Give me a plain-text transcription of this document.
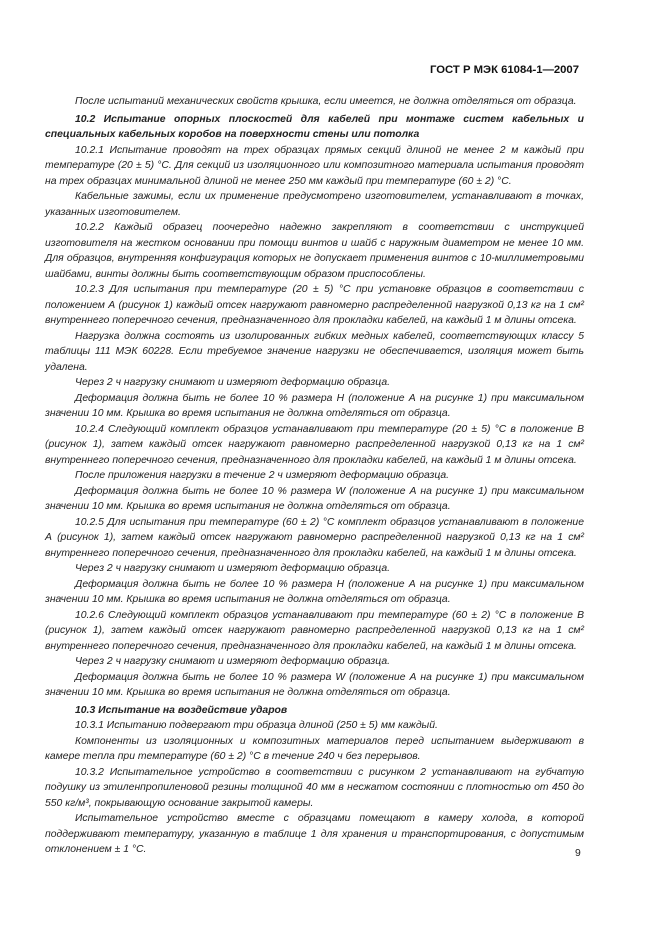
ГОСТ Р МЭК 61084-1—2007

После испытаний механических свойств крышка, если имеется, не должна отделяться от образца.

10.2 Испытание опорных плоскостей для кабелей при монтаже систем кабельных и специальных кабельных коробов на поверхности стены или потолка

10.2.1 Испытание проводят на трех образцах прямых секций длиной не менее 2 м каждый при температуре (20 ± 5) °С. Для секций из изоляционного или композитного материала испытания проводят на трех образцах минимальной длиной не менее 250 мм каждый при температуре (60 ± 2) °С.

Кабельные зажимы, если их применение предусмотрено изготовителем, устанавливают в точках, указанных изготовителем.

10.2.2 Каждый образец поочередно надежно закрепляют в соответствии с инструкцией изготовителя на жестком основании при помощи винтов и шайб с наружным диаметром не менее 10 мм. Для образцов, внутренняя конфигурация которых не допускает применения винтов с 10-миллиметровыми шайбами, винты должны быть соответствующим образом приспособлены.

10.2.3 Для испытания при температуре (20 ± 5) °С при установке образцов в соответствии с положением А (рисунок 1) каждый отсек нагружают равномерно распределенной нагрузкой 0,13 кг на 1 см² внутреннего поперечного сечения, предназначенного для прокладки кабелей, на каждый 1 м длины отсека.

Нагрузка должна состоять из изолированных гибких медных кабелей, соответствующих классу 5 таблицы 111 МЭК 60228. Если требуемое значение нагрузки не обеспечивается, изоляция может быть удалена.

Через 2 ч нагрузку снимают и измеряют деформацию образца.

Деформация должна быть не более 10 % размера Н (положение А на рисунке 1) при максимальном значении 10 мм. Крышка во время испытания не должна отделяться от образца.

10.2.4 Следующий комплект образцов устанавливают при температуре (20 ± 5) °С в положение В (рисунок 1), затем каждый отсек нагружают равномерно распределенной нагрузкой 0,13 кг на 1 см² внутреннего поперечного сечения, предназначенного для прокладки кабелей, на каждый 1 м длины отсека.

После приложения нагрузки в течение 2 ч измеряют деформацию образца.

Деформация должна быть не более 10 % размера W (положение А на рисунке 1) при максимальном значении 10 мм. Крышка во время испытания не должна отделяться от образца.

10.2.5 Для испытания при температуре (60 ± 2) °С комплект образцов устанавливают в положение А (рисунок 1), затем каждый отсек нагружают равномерно распределенной нагрузкой 0,13 кг на 1 см² внутреннего поперечного сечения, предназначенного для прокладки кабелей, на каждый 1 м длины отсека.

Через 2 ч нагрузку снимают и измеряют деформацию образца.

Деформация должна быть не более 10 % размера Н (положение А на рисунке 1) при максимальном значении 10 мм. Крышка во время испытания не должна отделяться от образца.

10.2.6 Следующий комплект образцов устанавливают при температуре (60 ± 2) °С в положение В (рисунок 1), затем каждый отсек нагружают равномерно распределенной нагрузкой 0,13 кг на 1 см² внутреннего поперечного сечения, предназначенного для прокладки кабелей, на каждый 1 м длины отсека.

Через 2 ч нагрузку снимают и измеряют деформацию образца.

Деформация должна быть не более 10 % размера W (положение А на рисунке 1) при максимальном значении 10 мм. Крышка во время испытания не должна отделяться от образца.

10.3 Испытание на воздействие ударов

10.3.1 Испытанию подвергают три образца длиной (250 ± 5) мм каждый.

Компоненты из изоляционных и композитных материалов перед испытанием выдерживают в камере тепла при температуре (60 ± 2) °С в течение 240 ч без перерывов.

10.3.2 Испытательное устройство в соответствии с рисунком 2 устанавливают на губчатую подушку из этиленпропиленовой резины толщиной 40 мм в несжатом состоянии с плотностью от 450 до 550 кг/м³, покрывающую основание закрытой камеры.

Испытательное устройство вместе с образцами помещают в камеру холода, в которой поддерживают температуру, указанную в таблице 1 для хранения и транспортирования, с допустимым отклонением ± 1 °С.	9
